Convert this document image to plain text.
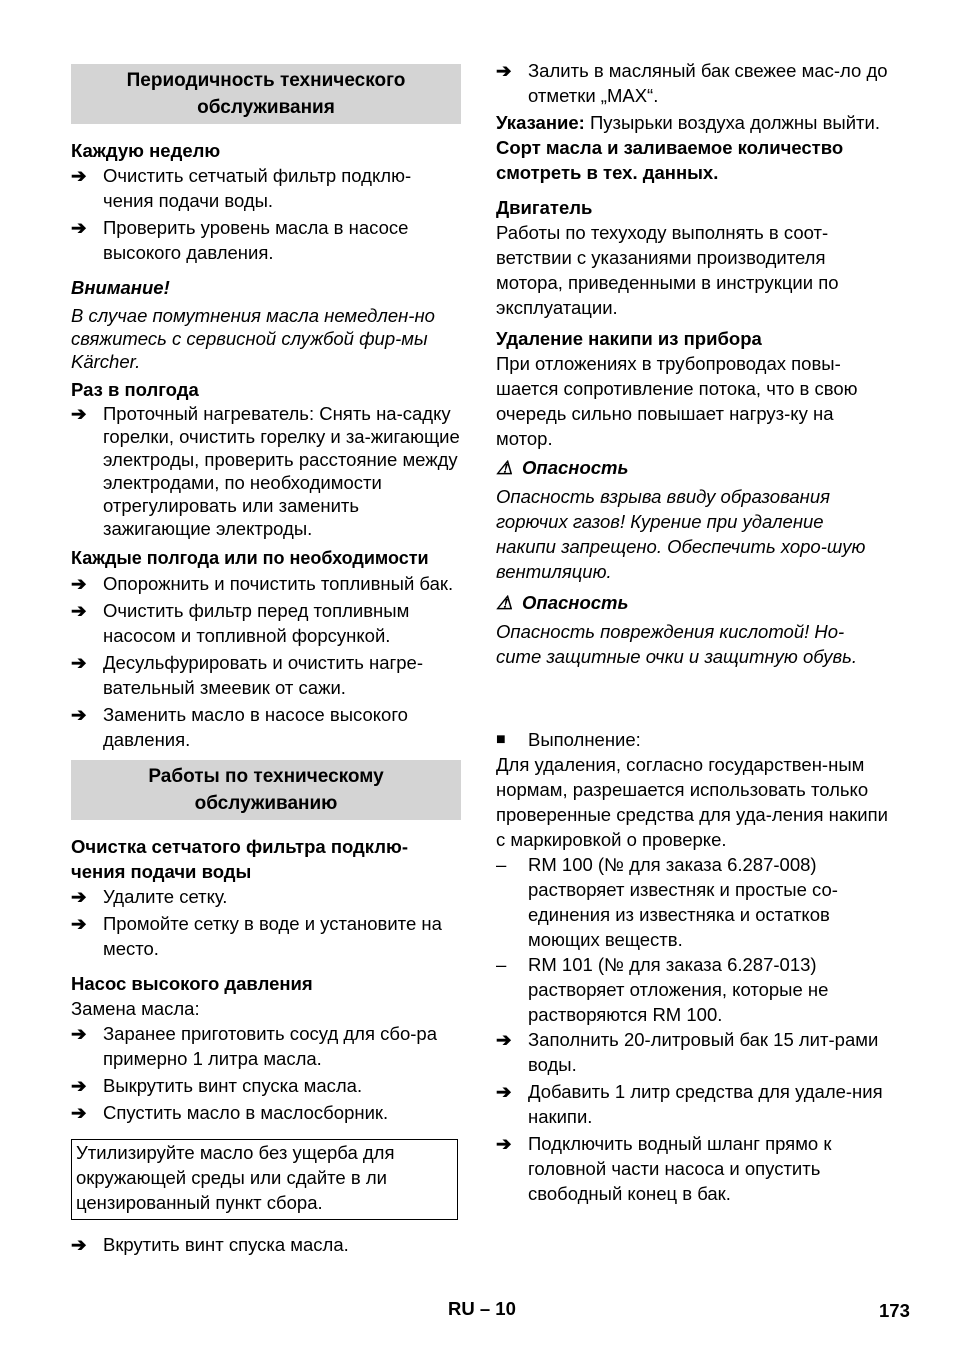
Периодичность технического обслуживания
Каждую неделю
➔ Очистить сетчатый фильтр подклю-чения подачи воды.
➔ Проверить уровень масла в насосе высокого давления.
Внимание!
В случае помутнения масла немедлен-но свяжитесь с сервисной службой фир-мы Kärcher.
Раз в полгода
➔ Проточный нагреватель: Снять на-садку горелки, очистить горелку и за-жигающие электроды, проверить расстояние между электродами, по необходимости отрегулировать или заменить зажигающие электроды.
Каждые полгода или по необходимости
➔ Опорожнить и почистить топливный бак.
➔ Очистить фильтр перед топливным насосом и топливной форсункой.
➔ Десульфурировать и очистить нагре-вательный змеевик от сажи.
➔ Заменить масло в насосе высокого давления.
Работы по техническому обслуживанию
Очистка сетчатого фильтра подклю-чения подачи воды
➔ Удалите сетку.
➔ Промойте сетку в воде и установите на место.
Насос высокого давления
Замена масла:
➔ Заранее приготовить сосуд для сбо-ра примерно 1 литра масла.
➔ Выкрутить винт спуска масла.
➔ Спустить масло в маслосборник.
Утилизируйте масло без ущерба для окружающей среды или сдайте в ли цензированный пункт сбора.
➔ Вкрутить винт спуска масла.
➔ Залить в масляный бак свежее мас-ло до отметки „MAX“.
Указание: Пузырьки воздуха должны выйти.
Сорт масла и заливаемое количество смотреть в тех. данных.
Двигатель
Работы по техуходу выполнять в соот-ветствии с указаниями производителя мотора, приведенными в инструкции по эксплуатации.
Удаление накипи из прибора
При отложениях в трубопроводах повы-шается сопротивление потока, что в свою очередь сильно повышает нагруз-ку на мотор.
⚠ Опасность
Опасность взрыва ввиду образования горючих газов! Курение при удаление накипи запрещено. Обеспечить хоро-шую вентиляцию.
⚠ Опасность
Опасность повреждения кислотой! Но-сите защитные очки и защитную обувь.
■	Выполнение:
Для удаления, согласно государствен-ным нормам, разрешается использовать только проверенные средства для уда-ления накипи с маркировкой о проверке.
–	RM 100 (№ для заказа 6.287-008) растворяет известняк и простые со-единения из известняка и остатков моющих веществ.
–	RM 101 (№ для заказа 6.287-013) растворяет отложения, которые не растворяются RM 100.
➔ Заполнить 20-литровый бак 15 лит-рами воды.
➔ Добавить 1 литр средства для удале-ния накипи.
➔ Подключить водный шланг прямо к головной части насоса и опустить свободный конец в бак.
RU – 10	173
